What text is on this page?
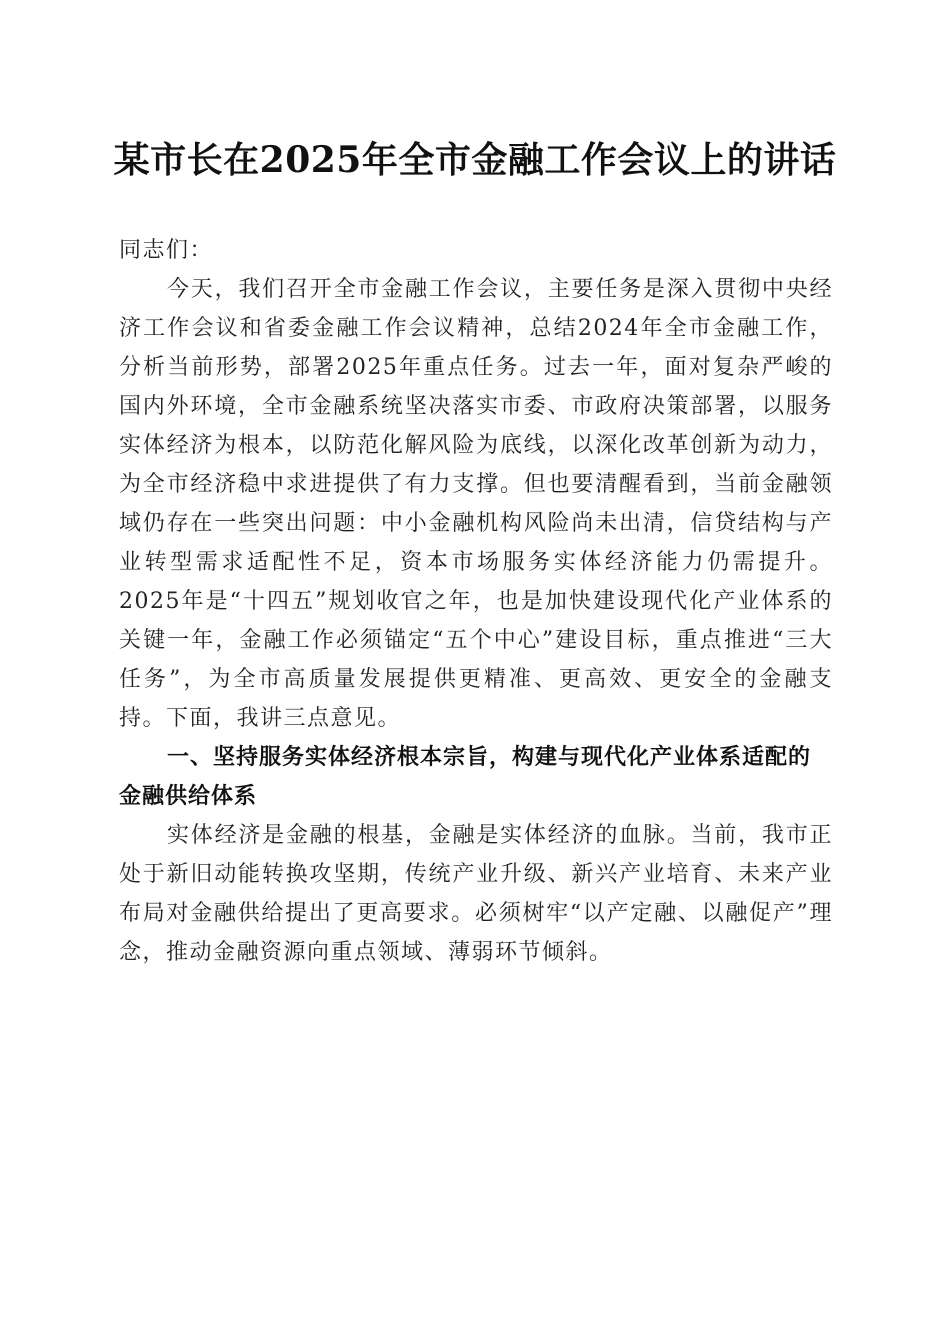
某市长在2025年全市金融工作会议上的讲话

同志们：

今天，我们召开全市金融工作会议，主要任务是深入贯彻中央经济工作会议和省委金融工作会议精神，总结2024年全市金融工作，分析当前形势，部署2025年重点任务。过去一年，面对复杂严峻的国内外环境，全市金融系统坚决落实市委、市政府决策部署，以服务实体经济为根本，以防范化解风险为底线，以深化改革创新为动力，为全市经济稳中求进提供了有力支撑。但也要清醒看到，当前金融领域仍存在一些突出问题：中小金融机构风险尚未出清，信贷结构与产业转型需求适配性不足，资本市场服务实体经济能力仍需提升。2025年是“十四五”规划收官之年，也是加快建设现代化产业体系的关键一年，金融工作必须锚定“五个中心”建设目标，重点推进“三大任务”，为全市高质量发展提供更精准、更高效、更安全的金融支持。下面，我讲三点意见。

一、坚持服务实体经济根本宗旨，构建与现代化产业体系适配的金融供给体系

实体经济是金融的根基，金融是实体经济的血脉。当前，我市正处于新旧动能转换攻坚期，传统产业升级、新兴产业培育、未来产业布局对金融供给提出了更高要求。必须树牢“以产定融、以融促产”理念，推动金融资源向重点领域、薄弱环节倾斜。
